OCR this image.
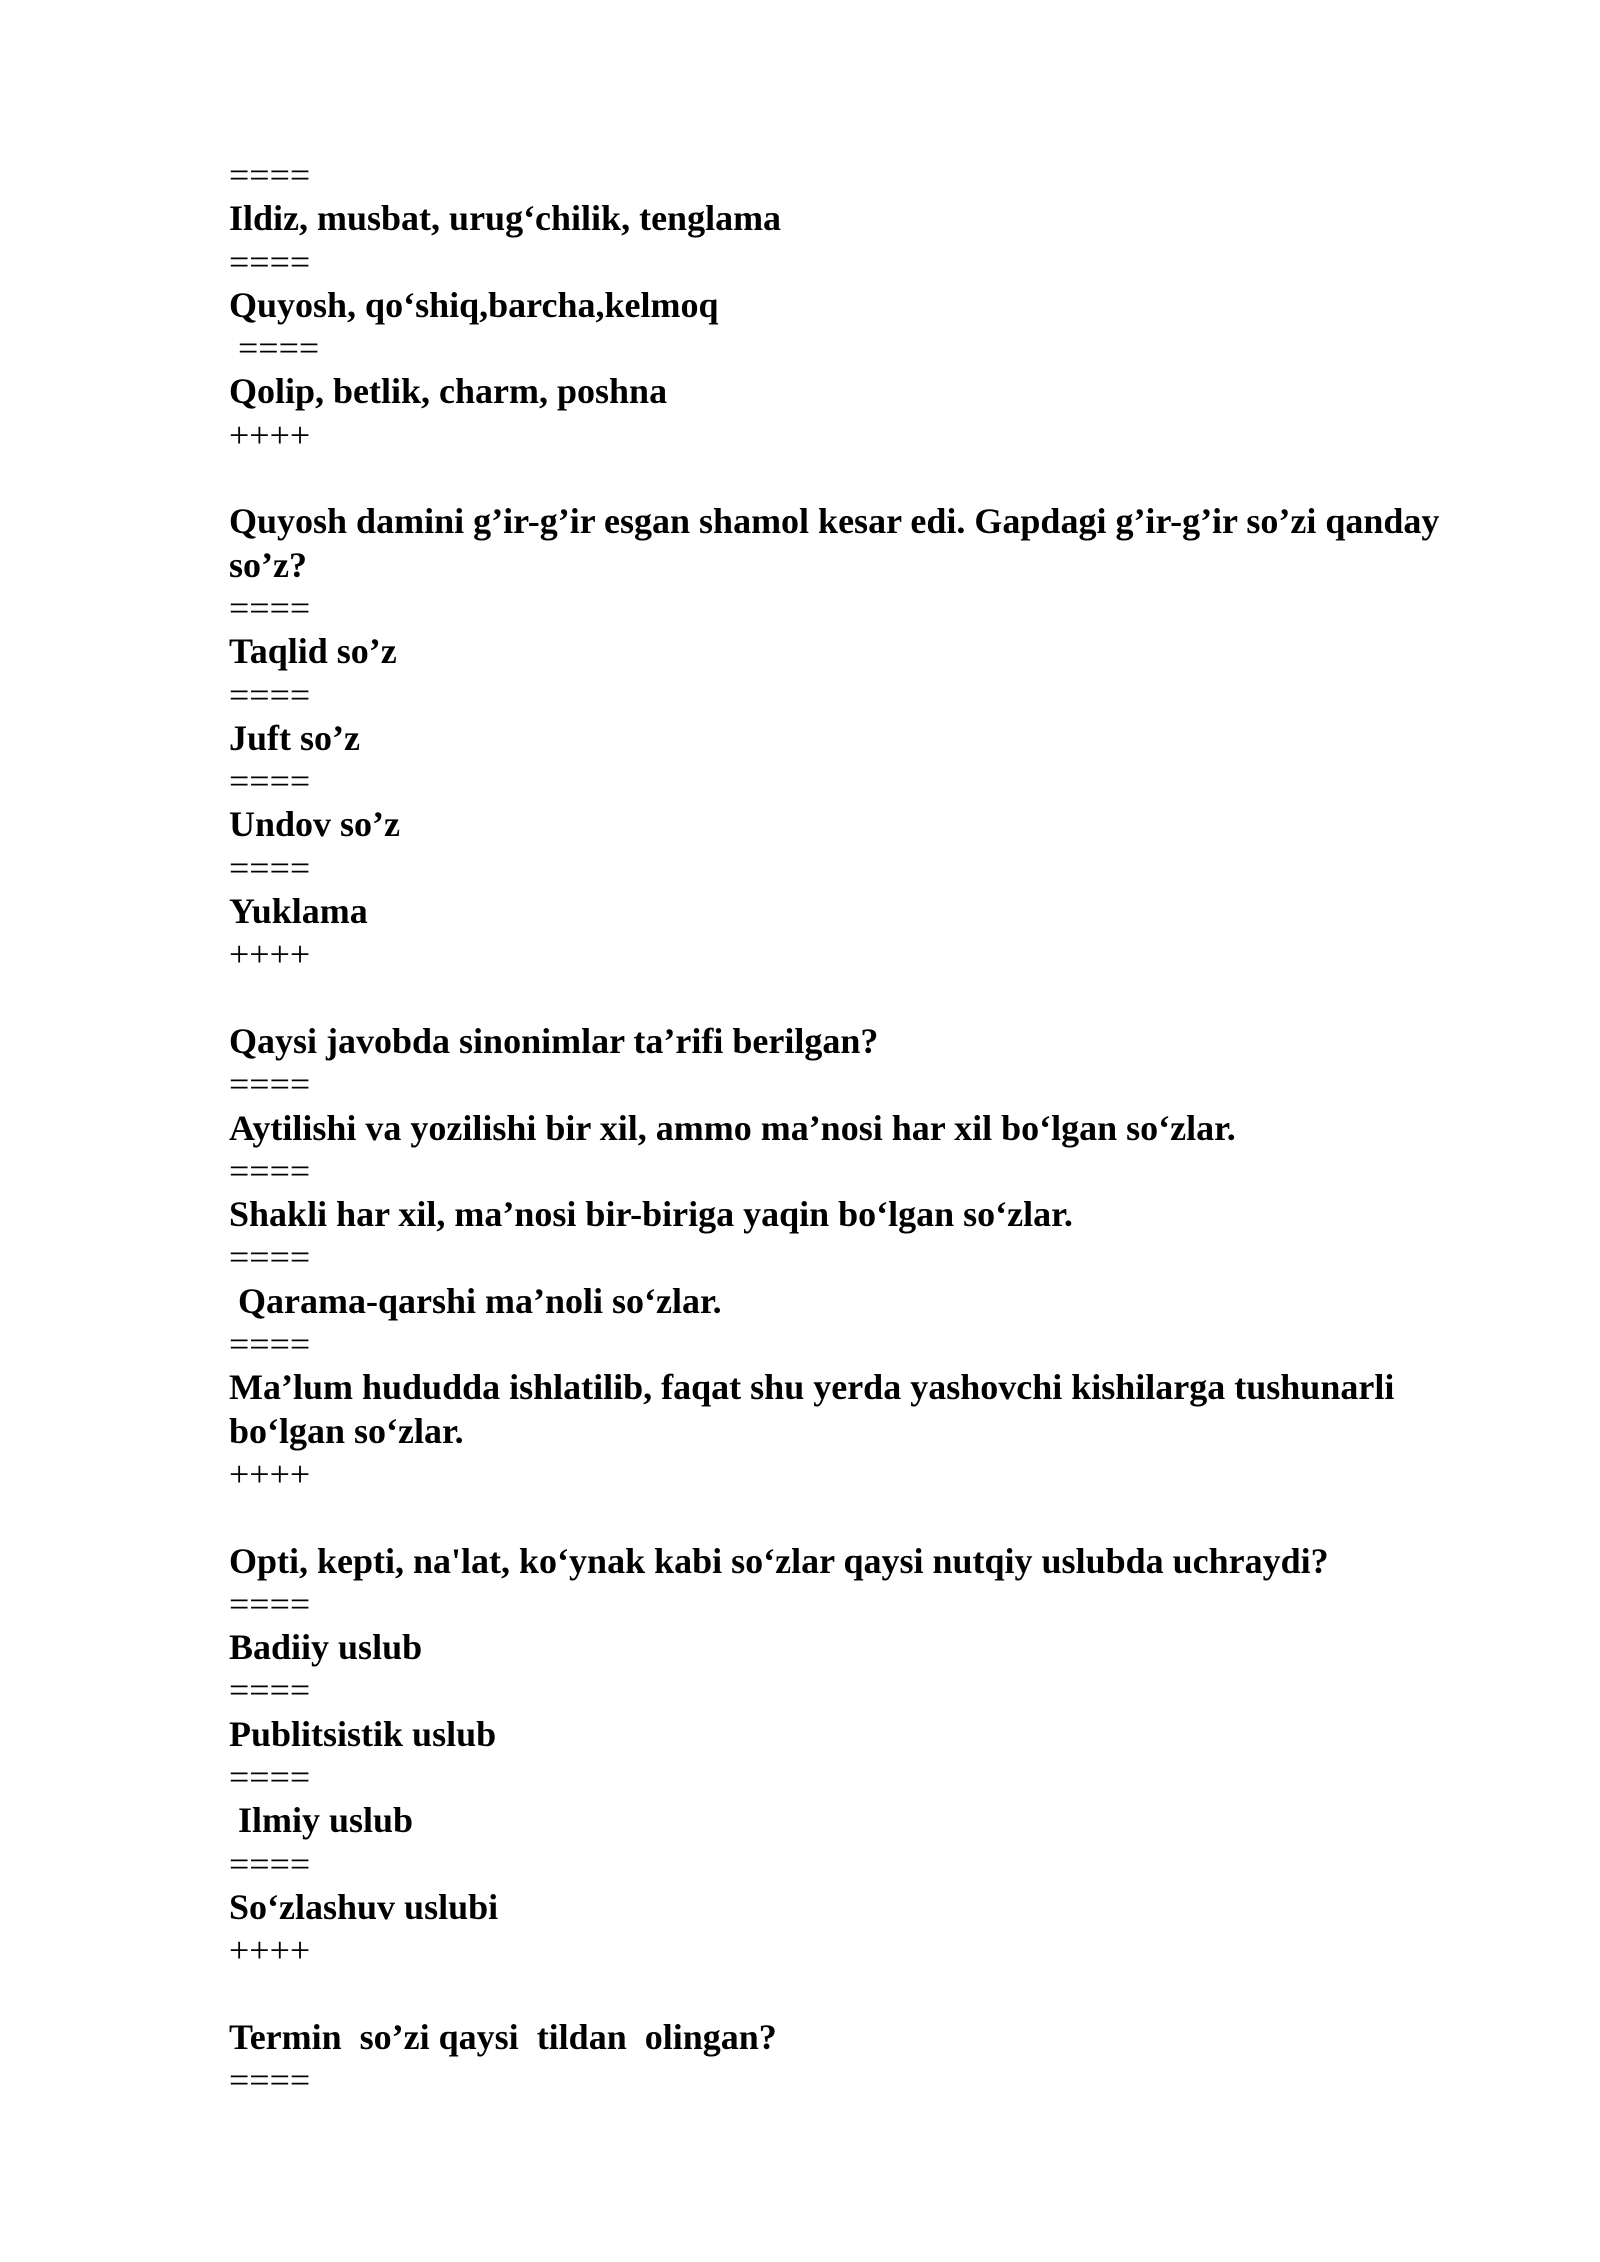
====
Ildiz, musbat, urug‘chilik, tenglama
====
Quyosh, qo‘shiq,barcha,kelmoq
====
Qolip, betlik, charm, poshna
++++
Quyosh damini g’ir-g’ir esgan shamol kesar edi. Gapdagi g’ir-g’ir so’zi qanday so’z?
====
Taqlid so’z
====
Juft so’z
====
Undov so’z
====
Yuklama
++++
Qaysi javobda sinonimlar ta’rifi berilgan?
====
Aytilishi va yozilishi bir xil, ammo ma’nosi har xil bo‘lgan so‘zlar.
====
Shakli har xil, ma’nosi bir-biriga yaqin bo‘lgan so‘zlar.
====
Qarama-qarshi ma’noli so‘zlar.
====
Ma’lum hududda ishlatilib, faqat shu yerda yashovchi kishilarga tushunarli bo‘lgan so‘zlar.
++++
Opti, kepti, na'lat, ko‘ynak kabi so‘zlar qaysi nutqiy uslubda uchraydi?
====
Badiiy uslub
====
Publitsistik uslub
====
Ilmiy uslub
====
So‘zlashuv uslubi
++++
Termin  so’zi qaysi  tildan  olingan?
====
